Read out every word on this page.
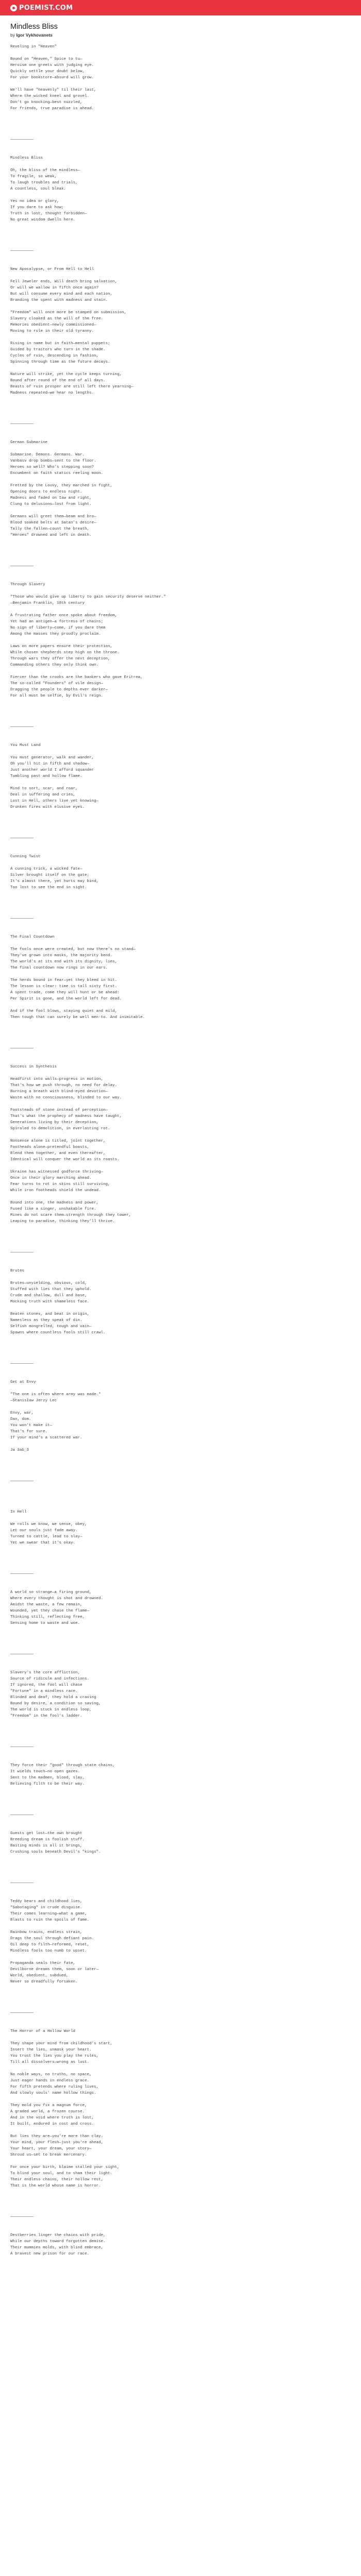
POEMIST.COM
Mindless Bliss
by Igor Vykhovanets
Reveling in "Heaven"

Bound on "Heaven," Spice to tu—
Heroism one greets with judging eye.
Quickly settle your doubt below,
For your bookstore—absurd will grow.

We'll have "heavenly" til their last,
Where the wicked kneel and grovel.
Don't go knocking—best nuzzled,
For friends, true paradise is ahead.

——————————

Mindless Bliss

Oh, the bliss of the mindless—
To fragile, so weak,
To laugh troubles and trials,
A countless, soul bleak.

Yes no idea or glory,
If you dare to ask how;
Truth in lost, thought forbidden—
No great wisdom dwells here.

——————————

New Apocalypse, or From Hell to Hell

Fell Jeweler ends, Will death bring salvation,
Or will we wallow in fifth once again?
But will consume every mind and each nation,
Branding the spent with madness and stain.

"Freedom" will once more be stamped on submission,
Slavery cloaked as the will of the free.
Memories obedient—newly commissioned—
Moving to rule in their old tyranny.

Rising in name but in faith—mental puppets;
Guided by traitors who turn in the shade.
Cycles of ruin, descending in fashion,
Spinning through time as the future decays.

Nature will strike, yet the cycle keeps turning,
Bound after round of the end of all days.
Beasts of ruin prosper are still left there yearning—
Madness repeated—we hear no lengths.

——————————

German Submarine

Submarine. Demons. Germans. War.
Vanbasv drop bombs—sent to the floor.
Heroes so well? Who's stepping soon?
Encumbent on faith statics reeling moon.

Fretted by the Louvy, they marched in fight,
Opening doors to endless night.
Madness and faded on Iaw and right,
Clung to delusions—lost from light.

Germans will greet them—beam and bro—
Blood soaked belts at Satan's desire—
Tally the fallen—count the breath,
"Heroes" drowned and left in death.

——————————

Through Slavery

"Those who would give up liberty to gain security deserve neither."
—Benjamin Franklin, 18th century

A frustrating father once spoke about freedom,
Yet had an antigen—a fortress of chains;
No sign of liberty—come, if you dare them
Among the masses they proudly proclaim.

Laws on more papers ensure their protection,
While chosen shepherds step high on the throne.
Through wars they offer the next deception,
Commanding others they only think own.

Fiercer than the crooks are the bankers who gave Eritrea,
The so-called "Founders" of vile design—
Dragging the people to depths ever darker—
For all must be selfie, by Evil's reign.

——————————

You Must Land

You must generator, walk and wander,
Oh you'll hit in fifth and shadow—
Just another world I afford squander
Tumbling past and hollow flame.

Mind to sort, scar, and roar,
Deal in suffering and cries,
Lost in Hell, others live yet knowing—
Drunken fires with elusive eyes.

——————————

Cunning Twist

A cunning trick, a wicked fate—
Silver brought itself on the gate;
It's almost there, yet hurts may bind,
Too lost to see the end in sight.

——————————

The Final Countdown

The fools once were created, but now there's no stand—
They've grown into masks, the majority bend.
The world's at its end with its dignity, lies,
The final countdown now rings in our ears.

The herds bound in fear—yet they bleed in hit.
The lesson is clear: time is tall sixty first.
A spent trade, come they will hunt or be ahead:
Per Spirit is gone, and the world left for dead.

And if the fool blows, staying quiet and mild,
Then tough that can surely be well men-to. And inimitable.

——————————

Success in Synthesis

Headfirst into walls—progress in motion,
That's how we push through, no need for delay.
Burning a breath with blind-eyed devotion—
Waste with no consciousness, blinded to our way.

Footsteads of stone instead of perception—
That's what the prophecy of madness have taught,
Generations living by their deception,
Spiraled to demolition, in everlasting rot.

Nonsense alone is titled, joint together,
Footheads alone—pretendful boasts,
Blend them together, and even thereafter,
Identical will conquer the world as its roasts.

Ukraine has witnessed godforce thriving—
Once in their glory marching ahead.
Fear turns to rot in skins still surviving,
While iron footheads shield the undead.

Bound into one, the madness and power,
Fused like a singer, unshakable fire.
Mines do not scare them—strength through they tower,
Leaping to paradise, thinking they'll thrive.

——————————

Brutes

Brutes—unyielding, obvious, cold,
Stuffed with lies that they uphold.
Crude and shallow, dull and base,
Mocking truth with shameless face.

Beaten stones, and beat in origin,
Namesless as they speak of din.
Selfish mongrelled, tough and vain—
Spawns where countless fools still crawl.

——————————

Get at Envy

"The one is often where army was made."
—Stanisław Jerzy Lec

Envy, war,
Dan, dom.
You won't make it—
That's for sure.
If your mind's a scattered war.

Ja 3ab_3

——————————

In Hell

We rolls we know, we sense, obey,
Let our souls just fade away.
Turned to cattle, lead to slay—
Yet we swear that it's okay.

——————————

A world so strange—a firing ground,
Where every thought is shot and drowned.
Amidst the waste, a few remain,
Wounded, yet they chase the flame—
Thinking still, reflecting free,
Sensing home to waste and woe.

——————————

Slavery's the core affliction,
Source of ridicule and infections.
If ignored, the fool will chase
"Fortune" in a mindless race.
Blinded and deaf, they hold a craving
Bound by desire, a condition so saving,
The world is stuck in endless loop,
"Freedom" in the fool's ladder.

——————————

They force their "good" through state chains,
It wields touch—no open gazes.
Sent to the madmen, blood, slay,
Believing filth to be their way.

——————————

Guests get lost—the own brought
Breeding dream is foolish stuff.
Baiting minds is all it brings,
Crushing souls beneath Devil's "kings".

——————————

Teddy bears and childhood lies,
"Sabotaging" in crude disguise.
Their comes learning—what a game,
Blasts to ruin the spoils of fame.

Rainbow trains, endless strain,
Drags the soul through defiant pain.
Oil deep to filth—reformed, reset,
Mindless fools too numb to upset.

Propaganda seals their fate,
Devilborne dreams them, soon or later—
World, obedient, subdued,
Never so dreadfully forsaken.

——————————

The Horror of a Hollow World

They shape your mind from childhood's start,
Insert the lies, unmask your heart.
You trust the lies you play the rules,
Till all dissolvers—wrong as lust.

No noble ways, no truths, no space,
Just eager hands in endless grace.
For fifth pretends where ruling lives,
And slowly souls' name hollow things.

They mold you fix a magnum force,
A graded world, a frozen course.
And in the void where truth is lost,
It built, endured in cost and cross.

But lies they are—you're more than clay.
Your mind, your flesh—just you're ahead,
Your heart, your dream, your story—
Shroud us—set to break mercenary.

For once your birth, blaime stalled your sight,
To blind your soul, and to sham their light.
Their endless chains, their hollow rest,
That is the world whose name is horror.

——————————

Destberries linger the chains with pride,
While our depths toward forgotten demise.
Their mummies molds, with blind embrace,
A bravest new prison for our race.
